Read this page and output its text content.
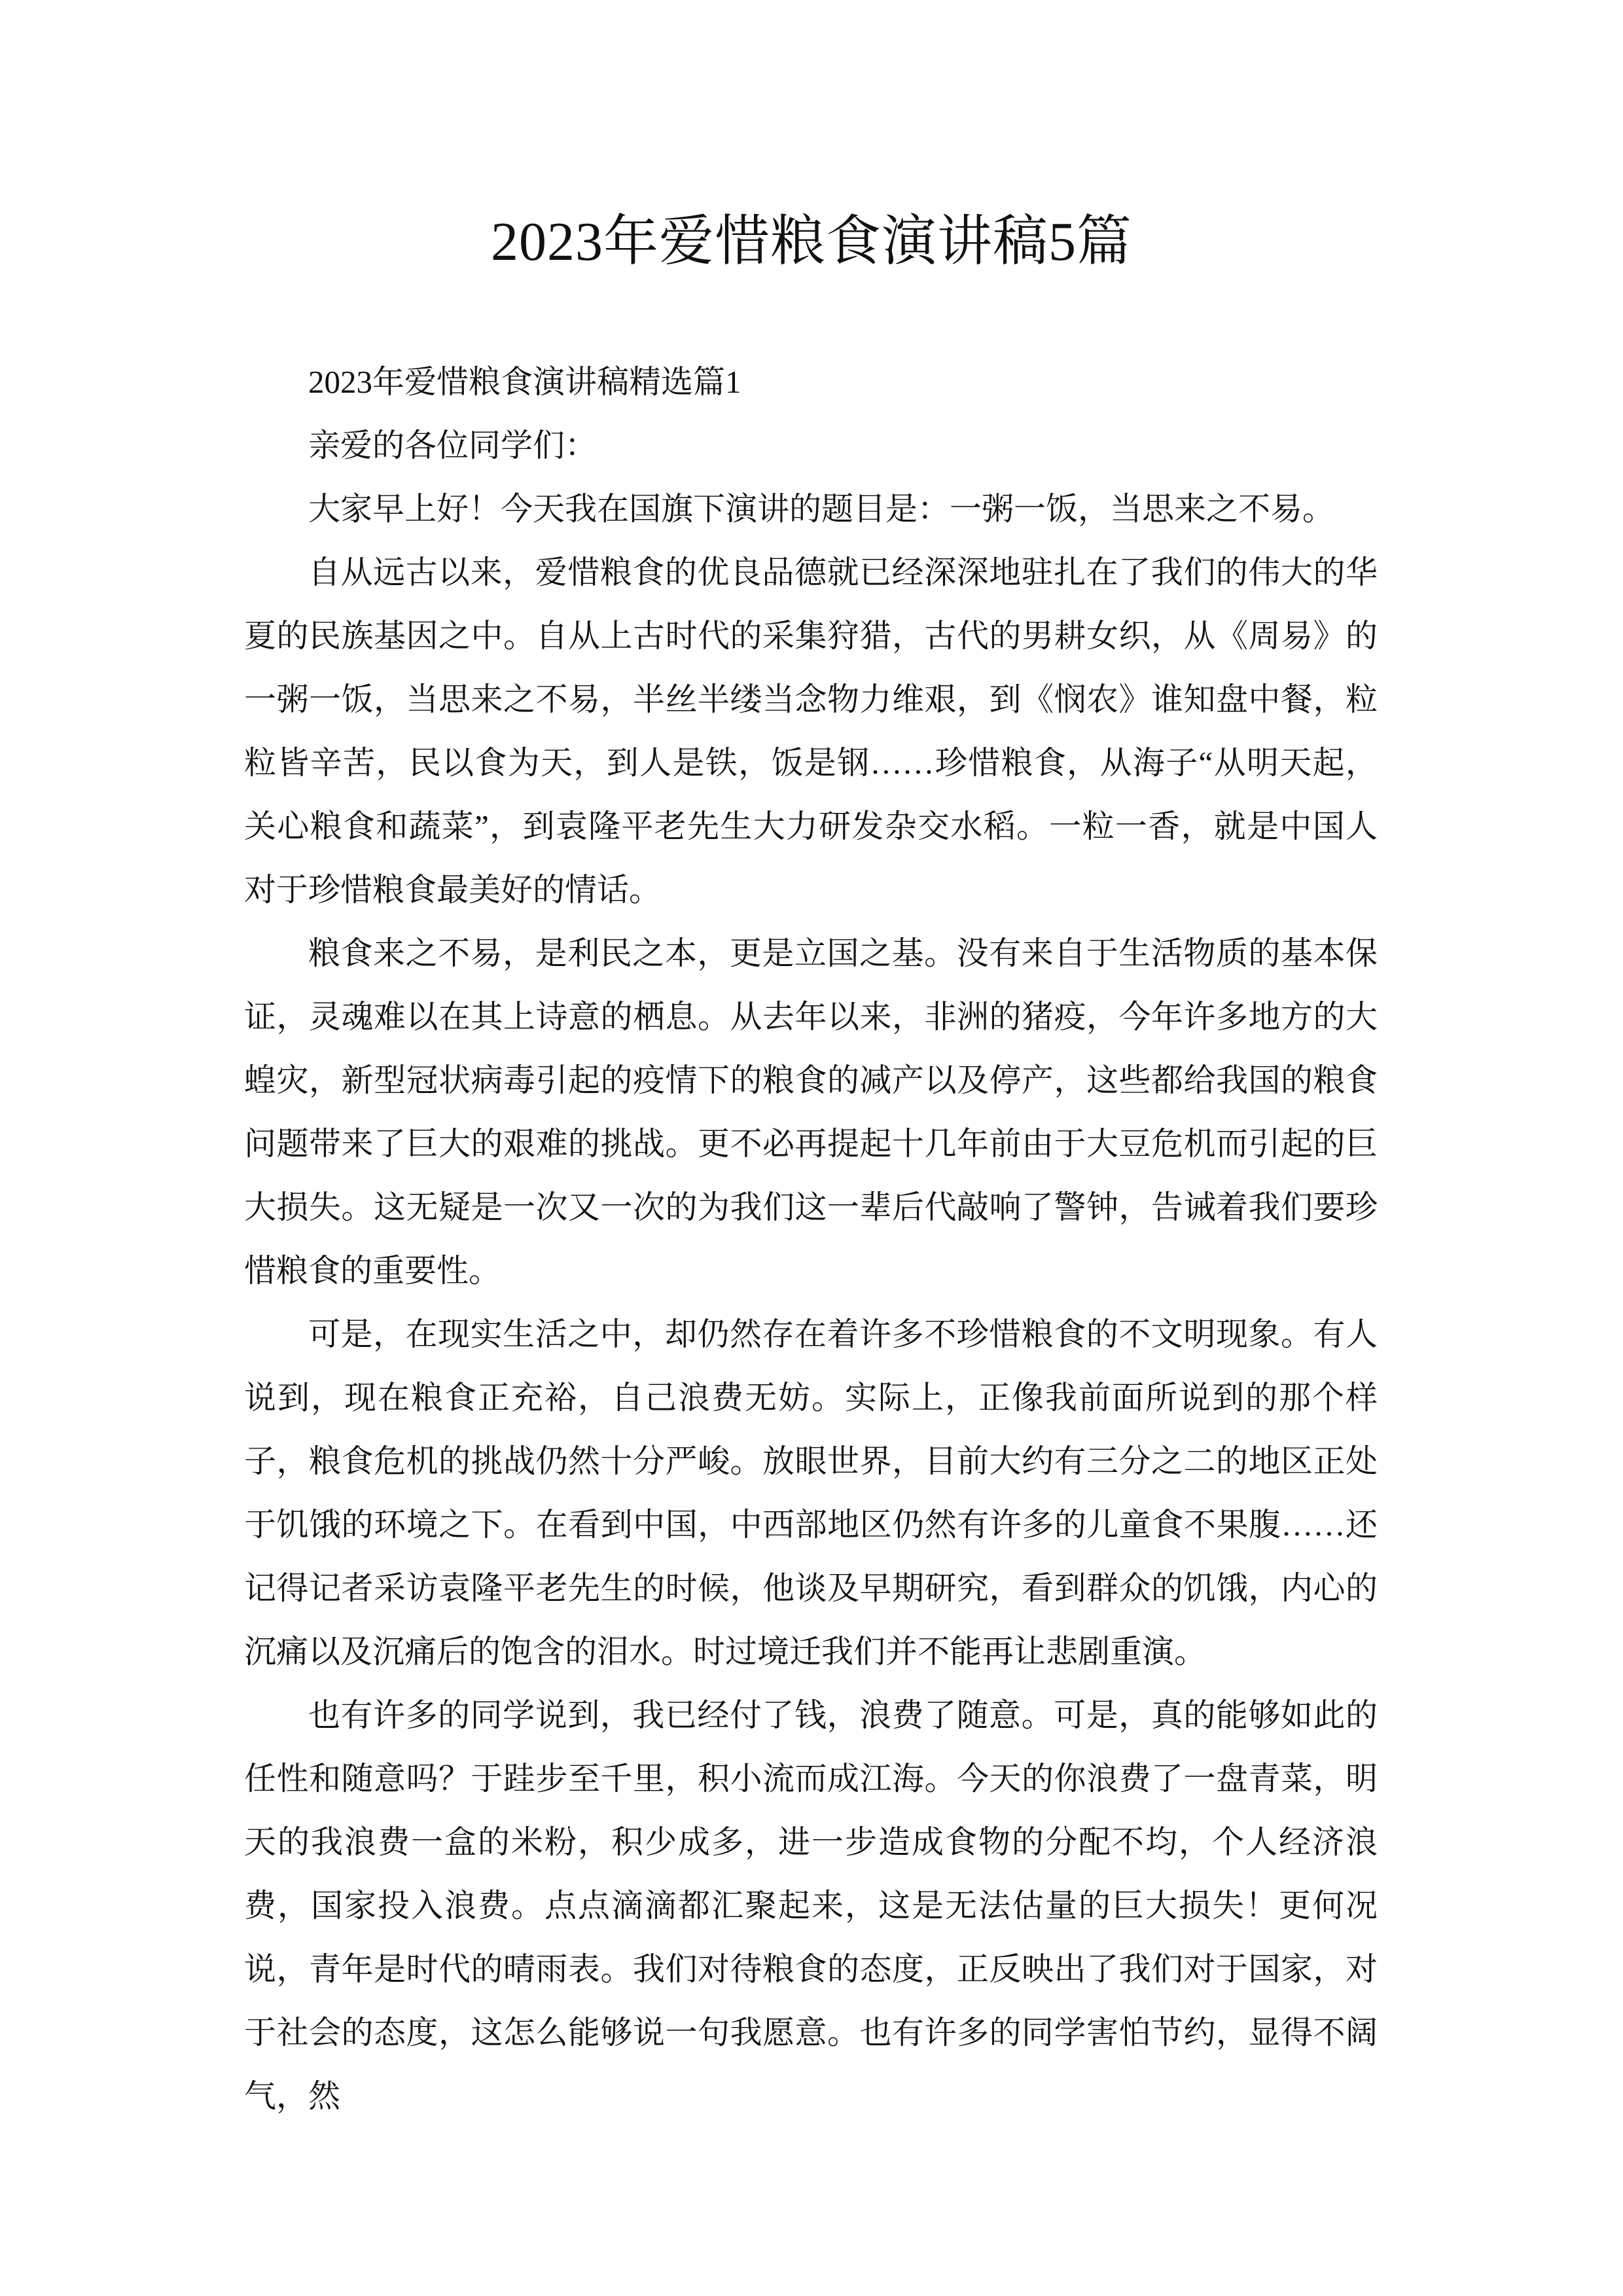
2023年爱惜粮食演讲稿5篇

2023年爱惜粮食演讲稿精选篇1

亲爱的各位同学们：

大家早上好！今天我在国旗下演讲的题目是：一粥一饭，当思来之不易。

自从远古以来，爱惜粮食的优良品德就已经深深地驻扎在了我们的伟大的华夏的民族基因之中。自从上古时代的采集狩猎，古代的男耕女织，从《周易》的一粥一饭，当思来之不易，半丝半缕当念物力维艰，到《悯农》谁知盘中餐，粒粒皆辛苦，民以食为天，到人是铁，饭是钢……珍惜粮食，从海子“从明天起，关心粮食和蔬菜”，到袁隆平老先生大力研发杂交水稻。一粒一香，就是中国人对于珍惜粮食最美好的情话。

粮食来之不易，是利民之本，更是立国之基。没有来自于生活物质的基本保证，灵魂难以在其上诗意的栖息。从去年以来，非洲的猪疫，今年许多地方的大蝗灾，新型冠状病毒引起的疫情下的粮食的减产以及停产，这些都给我国的粮食问题带来了巨大的艰难的挑战。更不必再提起十几年前由于大豆危机而引起的巨大损失。这无疑是一次又一次的为我们这一辈后代敲响了警钟，告诫着我们要珍惜粮食的重要性。

可是，在现实生活之中，却仍然存在着许多不珍惜粮食的不文明现象。有人说到，现在粮食正充裕，自己浪费无妨。实际上，正像我前面所说到的那个样子，粮食危机的挑战仍然十分严峻。放眼世界，目前大约有三分之二的地区正处于饥饿的环境之下。在看到中国，中西部地区仍然有许多的儿童食不果腹……还记得记者采访袁隆平老先生的时候，他谈及早期研究，看到群众的饥饿，内心的沉痛以及沉痛后的饱含的泪水。时过境迁我们并不能再让悲剧重演。

也有许多的同学说到，我已经付了钱，浪费了随意。可是，真的能够如此的任性和随意吗？于跬步至千里，积小流而成江海。今天的你浪费了一盘青菜，明天的我浪费一盒的米粉，积少成多，进一步造成食物的分配不均，个人经济浪费，国家投入浪费。点点滴滴都汇聚起来，这是无法估量的巨大损失！更何况说，青年是时代的晴雨表。我们对待粮食的态度，正反映出了我们对于国家，对于社会的态度，这怎么能够说一句我愿意。也有许多的同学害怕节约，显得不阔气，然
